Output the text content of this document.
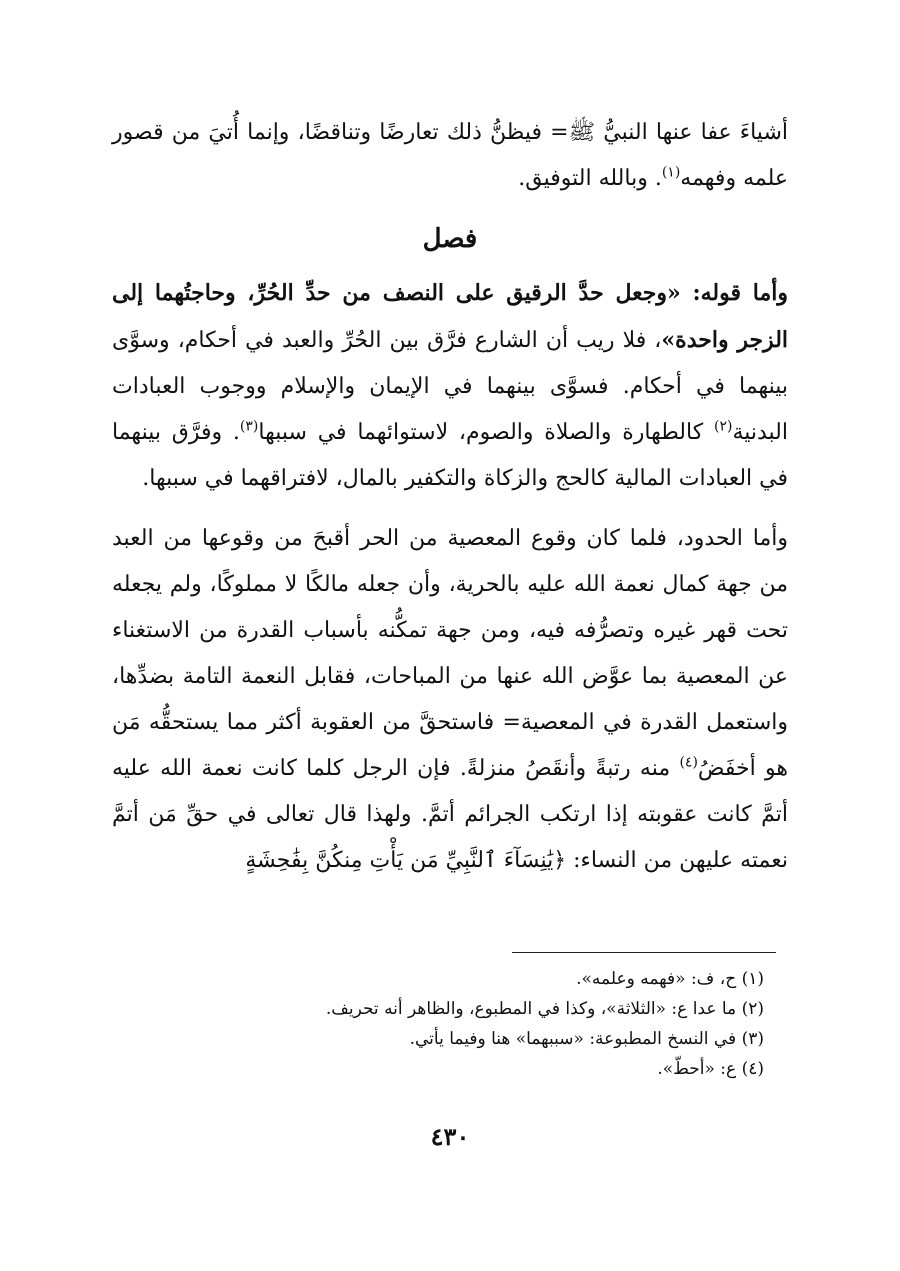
أشياءَ عفا عنها النبيُّ ﷺ= فيظنُّ ذلك تعارضًا وتناقضًا، وإنما أُتيَ من قصور علمه وفهمه$^{(١)}$. وبالله التوفيق.

فصل

وأما قوله: «وجعل حدَّ الرقيق على النصف من حدِّ الحُرِّ، وحاجتُهما إلى الزجر واحدة»، فلا ريب أن الشارع فرَّق بين الحُرِّ والعبد في أحكام، وسوَّى بينهما في أحكام. فسوَّى بينهما في الإيمان والإسلام ووجوب العبادات البدنية$^{(٢)}$ كالطهارة والصلاة والصوم، لاستوائهما في سببها$^{(٣)}$. وفرَّق بينهما في العبادات المالية كالحج والزكاة والتكفير بالمال، لافتراقهما في سببها.

وأما الحدود، فلما كان وقوع المعصية من الحر أقبحَ من وقوعها من العبد من جهة كمال نعمة الله عليه بالحرية، وأن جعله مالكًا لا مملوكًا، ولم يجعله تحت قهر غيره وتصرُّفه فيه، ومن جهة تمكُّنه بأسباب القدرة من الاستغناء عن المعصية بما عوَّض الله عنها من المباحات، فقابل النعمة التامة بضدِّها، واستعمل القدرة في المعصية= فاستحقَّ من العقوبة أكثر مما يستحقُّه مَن هو أخفَضُ$^{(٤)}$ منه رتبةً وأنقَصُ منزلةً. فإن الرجل كلما كانت نعمة الله عليه أتمَّ كانت عقوبته إذا ارتكب الجرائم أتمَّ. ولهذا قال تعالى في حقِّ مَن أتمَّ نعمته عليهن من النساء: ﴿يَٰنِسَآءَ ٱلنَّبِيِّ مَن يَأْتِ مِنكُنَّ بِفَٰحِشَةٍ

(١) ح، ف: «فهمه وعلمه».

(٢) ما عدا ع: «الثلاثة»، وكذا في المطبوع، والظاهر أنه تحريف.

(٣) في النسخ المطبوعة: «سببهما» هنا وفيما يأتي.

(٤) ع: «أحطّ».

٤٣٠
